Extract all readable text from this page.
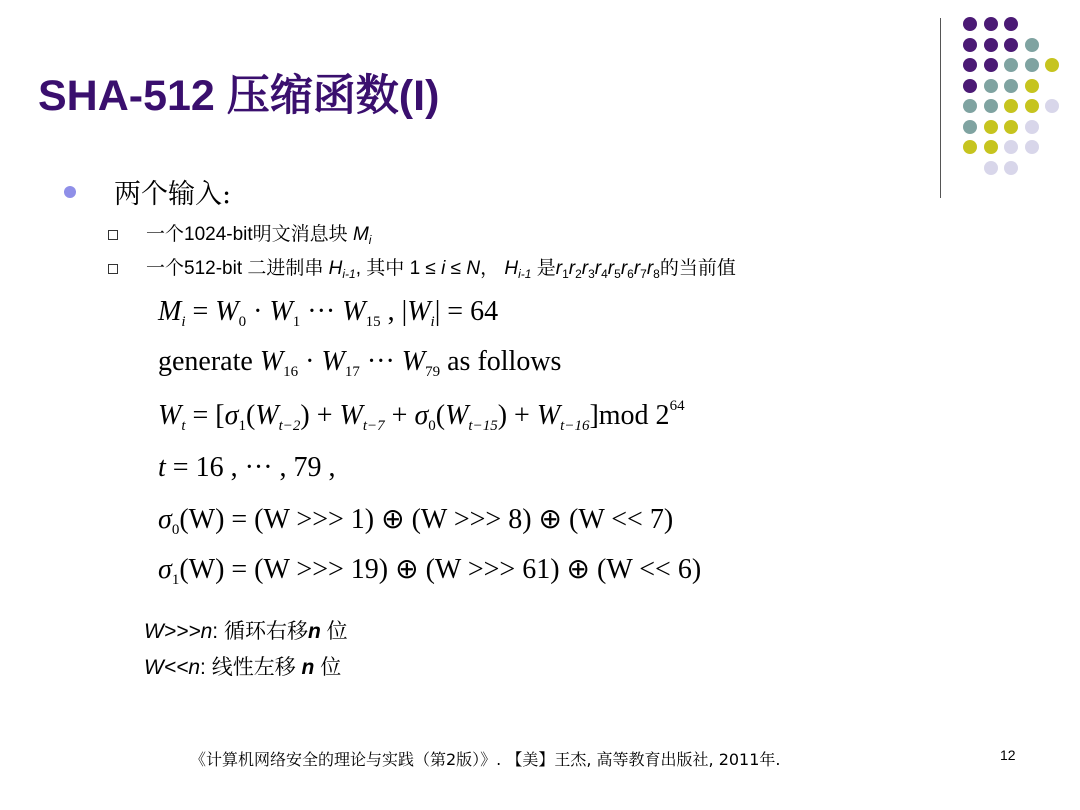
SHA-512 压缩函数(I)
两个输入:
一个1024-bit明文消息块 $M_i$
一个512-bit 二进制串 $H_{i-1}$, 其中 1 ≤ i ≤ N， $H_{i-1}$ 是$r_1r_2r_3r_4r_5r_6r_7r_8$的当前值
$M_i = W_0 \cdot W_1$ ··· $W_{15}$ , $|W_i| = 64$
generate $W_{16} \cdot W_{17}$ ··· $W_{79}$ as follows
$W_t = [\sigma_1(W_{t-2}) + W_{t-7} + \sigma_0(W_{t-15}) + W_{t-16}]mod$ $2^{64}$
t = 16 , ··· , 79 ,
$\sigma_0(W) = (W$ >>> 1) ⊕ (W >>> 8) ⊕ (W << 7)
$\sigma_1(W) = (W$ >>> 19) ⊕ (W >>> 61) ⊕ (W << 6)
W>>>n: 循环右移n 位
W<<n: 线性左移 n 位
《计算机网络安全的理论与实践（第2版）》. 【美】王杰, 高等教育出版社, 2011年.	12
